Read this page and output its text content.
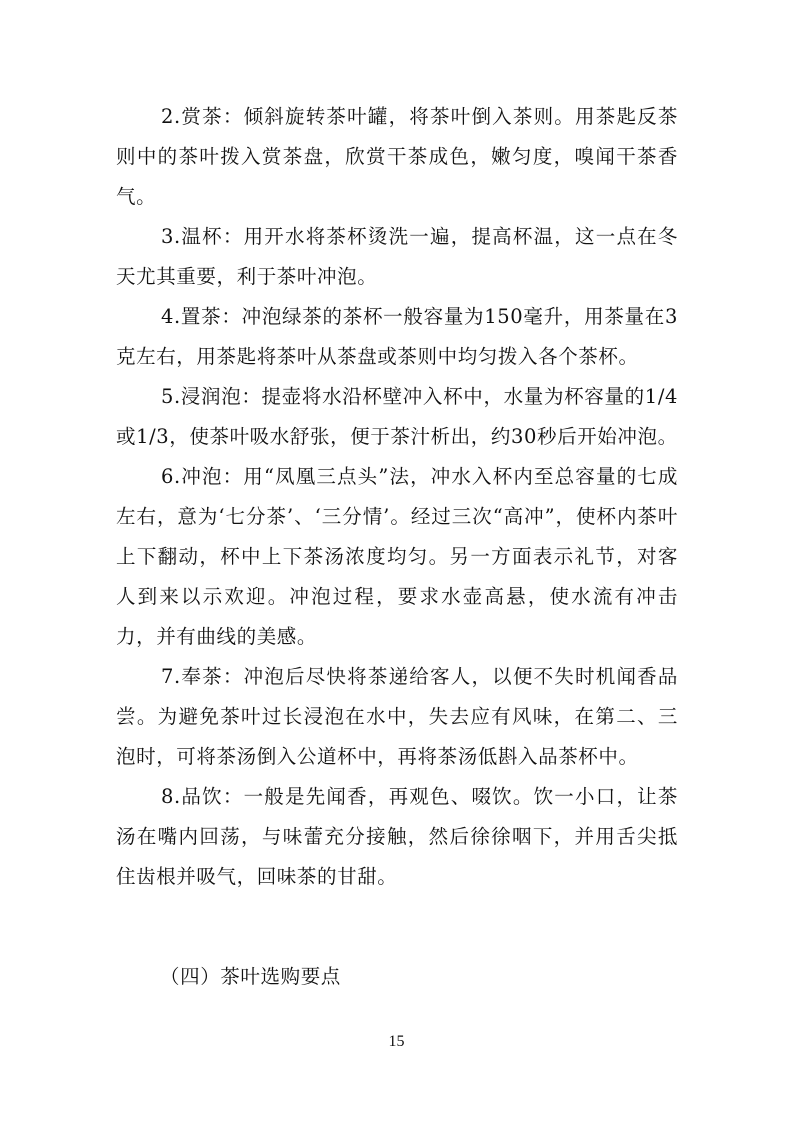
2.赏茶：倾斜旋转茶叶罐，将茶叶倒入茶则。用茶匙反茶则中的茶叶拨入赏茶盘，欣赏干茶成色，嫩匀度，嗅闻干茶香气。

3.温杯：用开水将茶杯烫洗一遍，提高杯温，这一点在冬天尤其重要，利于茶叶冲泡。

4.置茶：冲泡绿茶的茶杯一般容量为150毫升，用茶量在3克左右，用茶匙将茶叶从茶盘或茶则中均匀拨入各个茶杯。

5.浸润泡：提壶将水沿杯壁冲入杯中，水量为杯容量的1/4或1/3，使茶叶吸水舒张，便于茶汁析出，约30秒后开始冲泡。

6.冲泡：用“凤凰三点头”法，冲水入杯内至总容量的七成左右，意为‘七分茶’、‘三分情’。经过三次“高冲”，使杯内茶叶上下翻动，杯中上下茶汤浓度均匀。另一方面表示礼节，对客人到来以示欢迎。冲泡过程，要求水壶高悬，使水流有冲击力，并有曲线的美感。

7.奉茶：冲泡后尽快将茶递给客人，以便不失时机闻香品尝。为避免茶叶过长浸泡在水中，失去应有风味，在第二、三泡时，可将茶汤倒入公道杯中，再将茶汤低斟入品茶杯中。

8.品饮：一般是先闻香，再观色、啜饮。饮一小口，让茶汤在嘴内回荡，与味蕾充分接触，然后徐徐咽下，并用舌尖抵住齿根并吸气，回味茶的甘甜。

（四）茶叶选购要点

15
